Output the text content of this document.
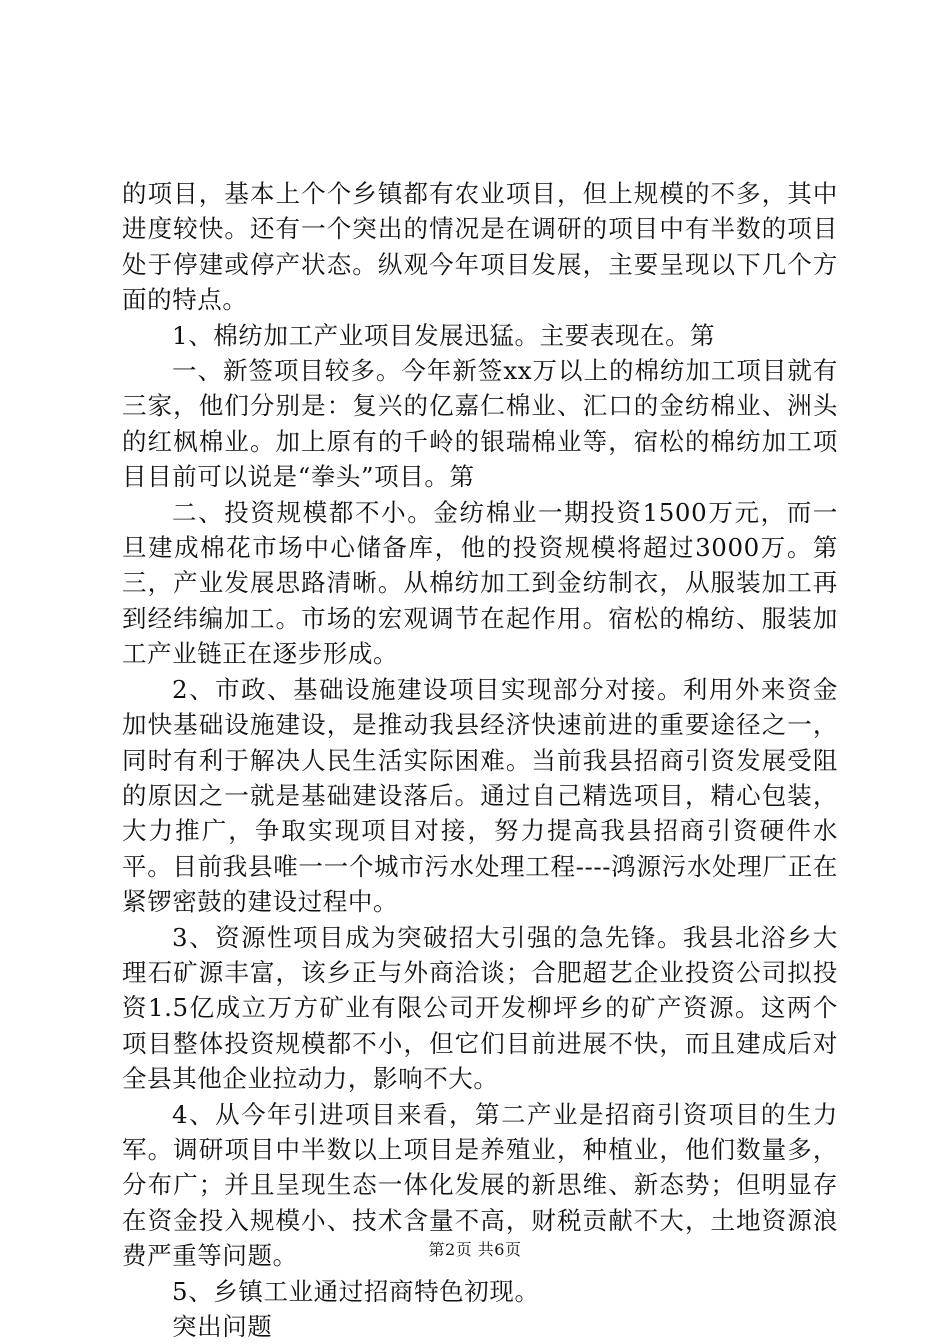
的项目，基本上个个乡镇都有农业项目，但上规模的不多，其中进度较快。还有一个突出的情况是在调研的项目中有半数的项目处于停建或停产状态。纵观今年项目发展，主要呈现以下几个方面的特点。

1、棉纺加工产业项目发展迅猛。主要表现在。第

一、新签项目较多。今年新签xx万以上的棉纺加工项目就有三家，他们分别是：复兴的亿嘉仁棉业、汇口的金纺棉业、洲头的红枫棉业。加上原有的千岭的银瑞棉业等，宿松的棉纺加工项目目前可以说是“拳头”项目。第

二、投资规模都不小。金纺棉业一期投资1500万元，而一旦建成棉花市场中心储备库，他的投资规模将超过3000万。第三，产业发展思路清晰。从棉纺加工到金纺制衣，从服装加工再到经纬编加工。市场的宏观调节在起作用。宿松的棉纺、服装加工产业链正在逐步形成。

2、市政、基础设施建设项目实现部分对接。利用外来资金加快基础设施建设，是推动我县经济快速前进的重要途径之一，同时有利于解决人民生活实际困难。当前我县招商引资发展受阻的原因之一就是基础建设落后。通过自己精选项目，精心包装，大力推广，争取实现项目对接，努力提高我县招商引资硬件水平。目前我县唯一一个城市污水处理工程----鸿源污水处理厂正在紧锣密鼓的建设过程中。

3、资源性项目成为突破招大引强的急先锋。我县北浴乡大理石矿源丰富，该乡正与外商洽谈；合肥超艺企业投资公司拟投资1.5亿成立万方矿业有限公司开发柳坪乡的矿产资源。这两个项目整体投资规模都不小，但它们目前进展不快，而且建成后对全县其他企业拉动力，影响不大。

4、从今年引进项目来看，第二产业是招商引资项目的生力军。调研项目中半数以上项目是养殖业，种植业，他们数量多，分布广；并且呈现生态一体化发展的新思维、新态势；但明显存在资金投入规模小、技术含量不高，财税贡献不大，土地资源浪费严重等问题。

5、乡镇工业通过招商特色初现。

突出问题

第2页 共6页
